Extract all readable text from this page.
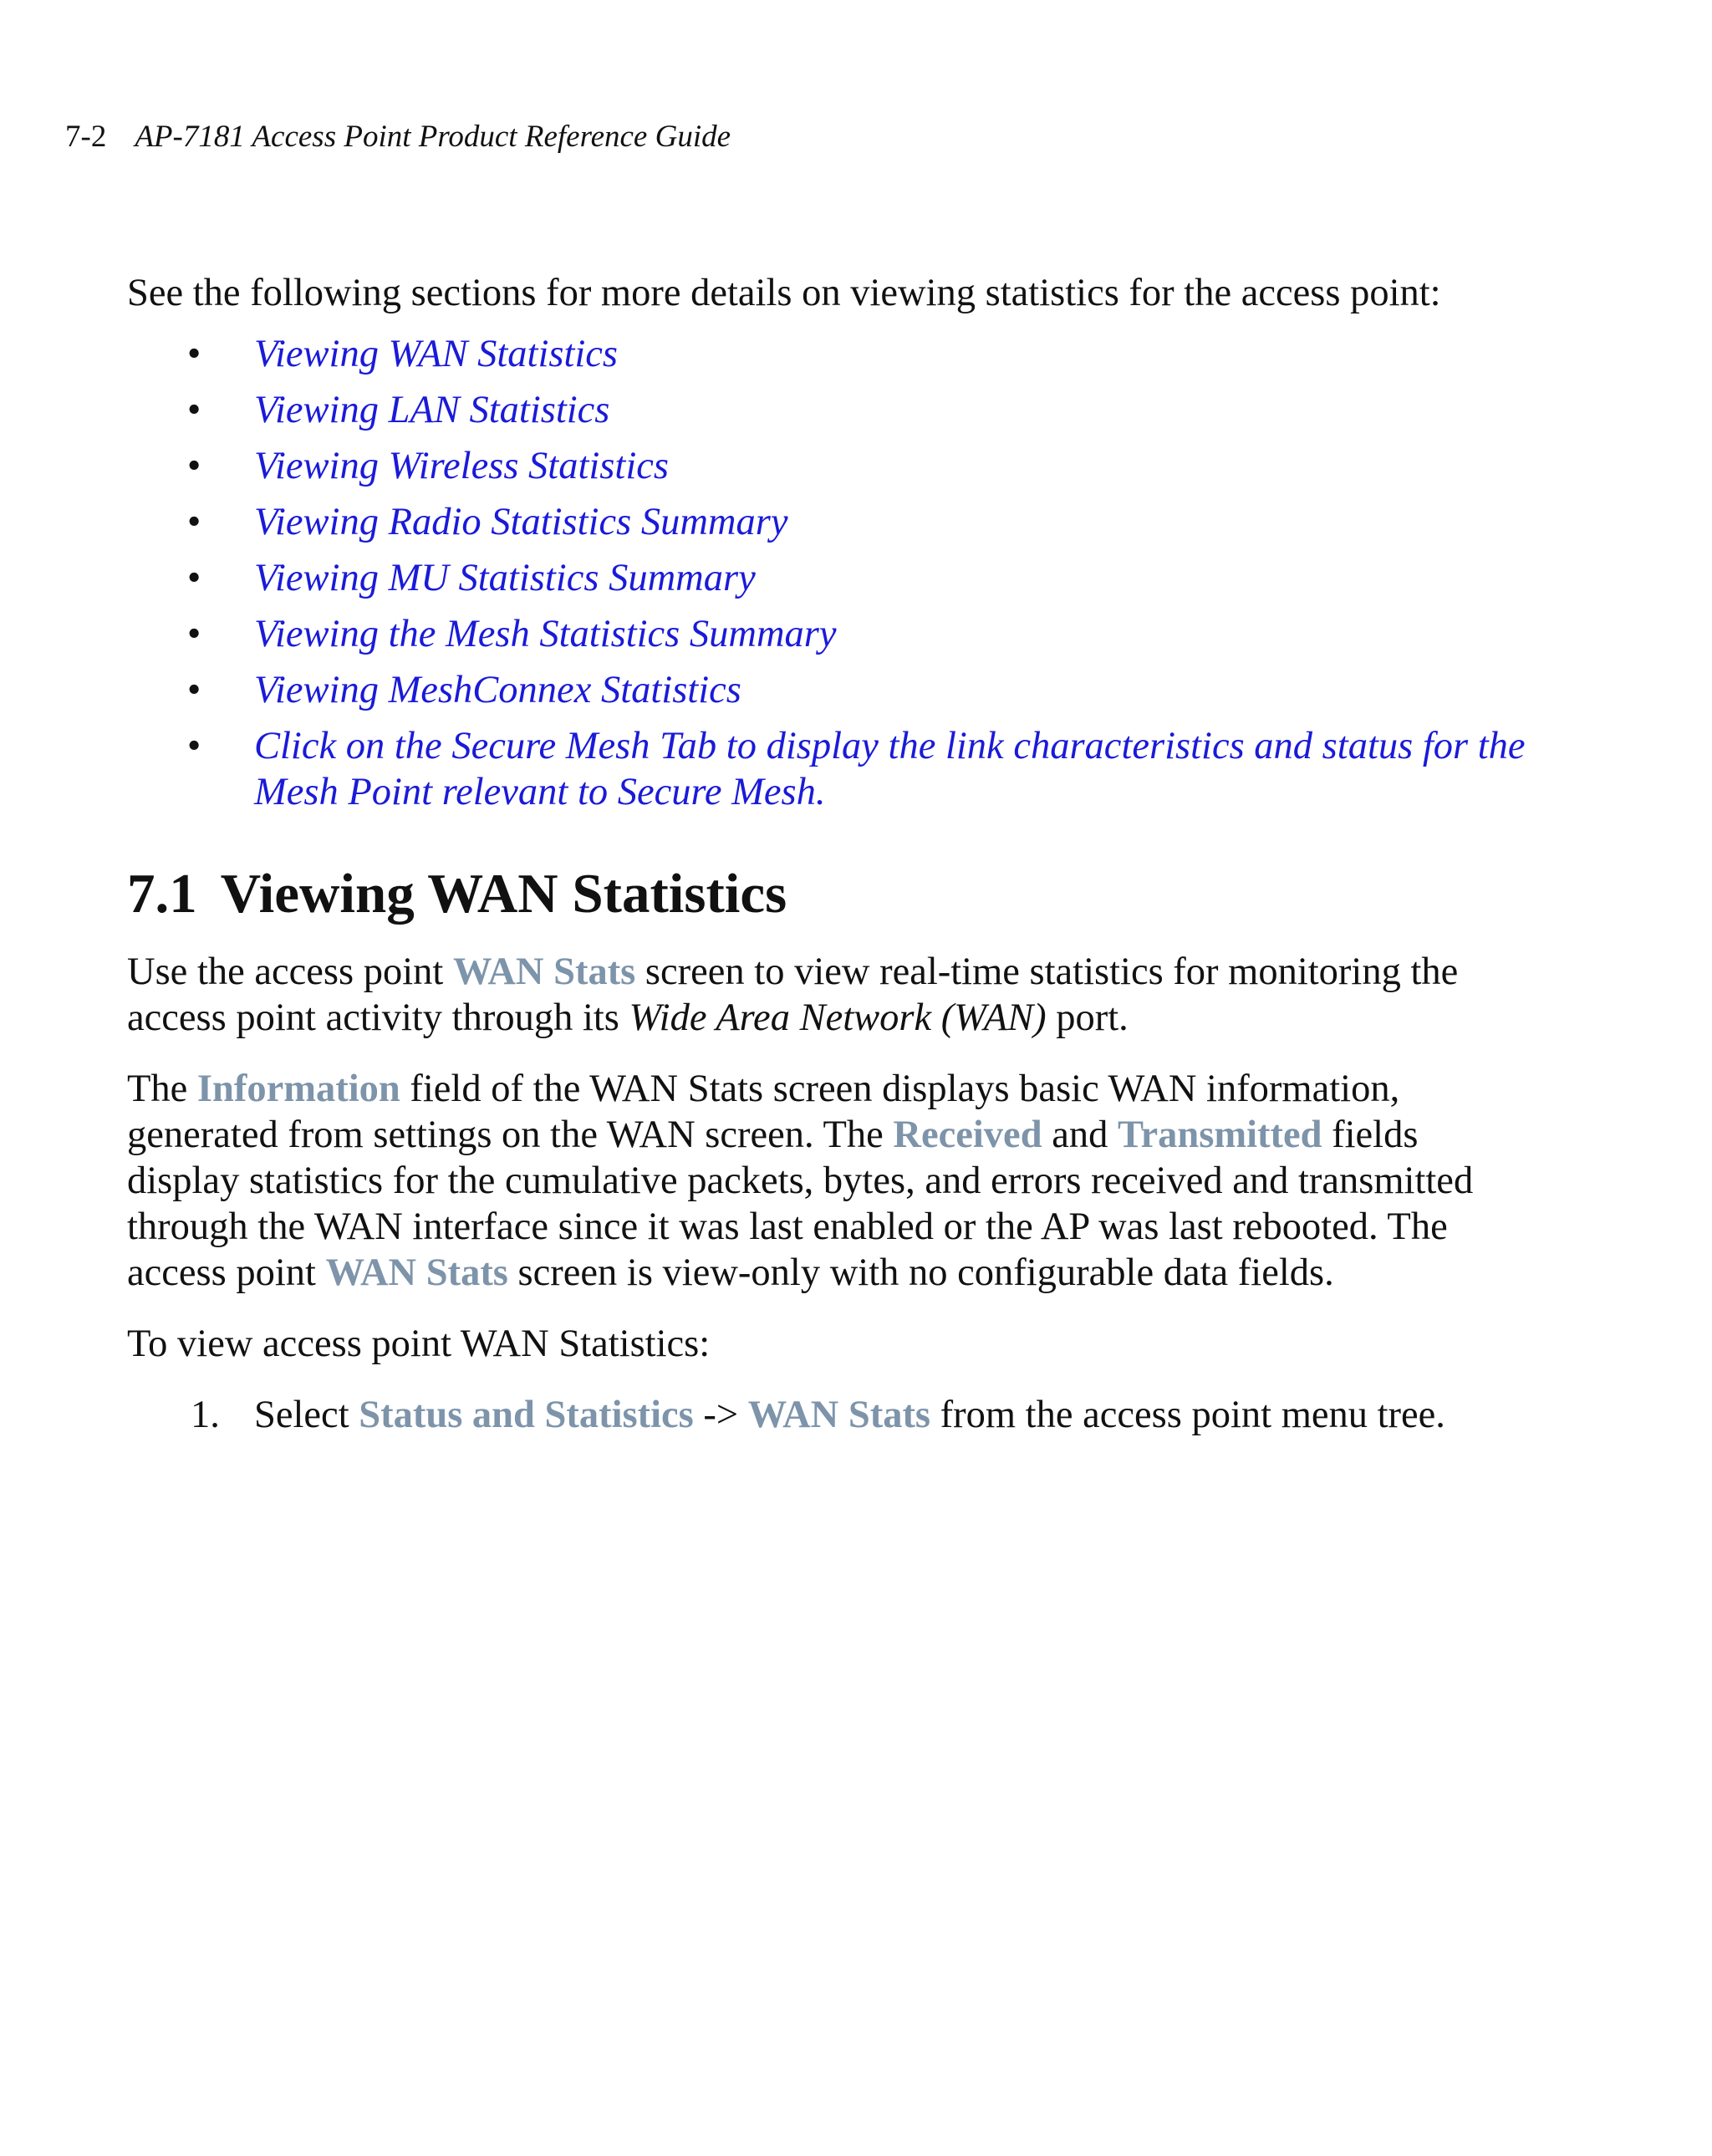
7-2 AP-7181 Access Point Product Reference Guide

See the following sections for more details on viewing statistics for the access point:

• Viewing WAN Statistics
• Viewing LAN Statistics
• Viewing Wireless Statistics
• Viewing Radio Statistics Summary
• Viewing MU Statistics Summary
• Viewing the Mesh Statistics Summary
• Viewing MeshConnex Statistics
• Click on the Secure Mesh Tab to display the link characteristics and status for the Mesh Point relevant to Secure Mesh.
7.1 Viewing WAN Statistics

Use the access point WAN Stats screen to view real-time statistics for monitoring the access point activity through its Wide Area Network (WAN) port.

The Information field of the WAN Stats screen displays basic WAN information, generated from settings on the WAN screen. The Received and Transmitted fields display statistics for the cumulative packets, bytes, and errors received and transmitted through the WAN interface since it was last enabled or the AP was last rebooted. The access point WAN Stats screen is view-only with no configurable data fields.

To view access point WAN Statistics:

1. Select Status and Statistics -> WAN Stats from the access point menu tree.
